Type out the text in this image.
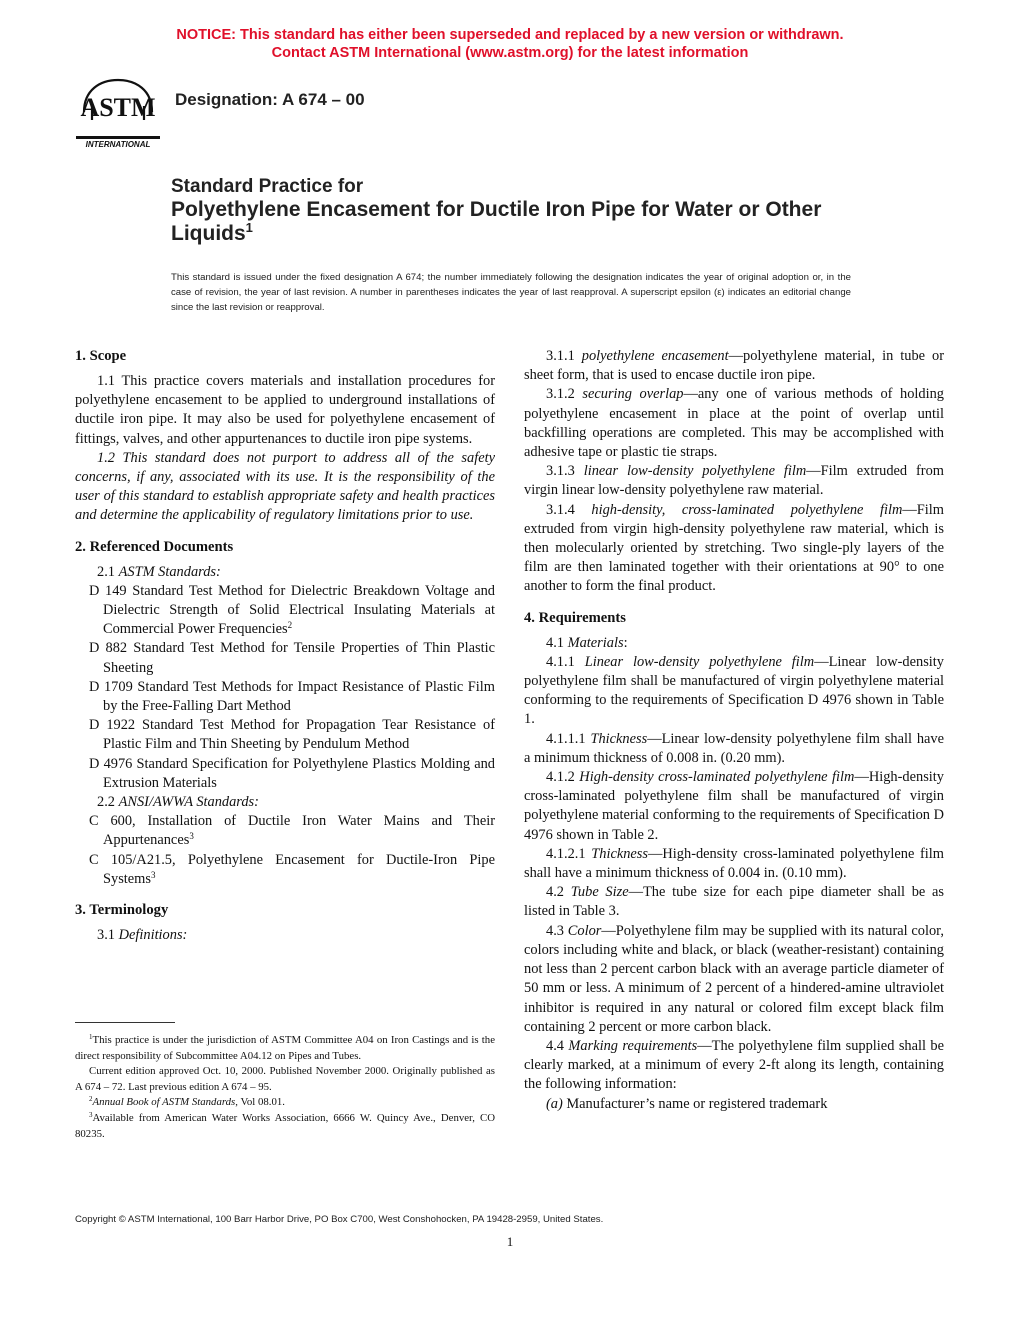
NOTICE: This standard has either been superseded and replaced by a new version or withdrawn.
Contact ASTM International (www.astm.org) for the latest information
ASTM
INTERNATIONAL
Designation: A 674 – 00
Standard Practice for
Polyethylene Encasement for Ductile Iron Pipe for Water or Other Liquids$^1$
This standard is issued under the fixed designation A 674; the number immediately following the designation indicates the year of original adoption or, in the case of revision, the year of last revision. A number in parentheses indicates the year of last reapproval. A superscript epsilon (ε) indicates an editorial change since the last revision or reapproval.
1. Scope

1.1 This practice covers materials and installation procedures for polyethylene encasement to be applied to underground installations of ductile iron pipe. It may also be used for polyethylene encasement of fittings, valves, and other appurtenances to ductile iron pipe systems.

1.2 This standard does not purport to address all of the safety concerns, if any, associated with its use. It is the responsibility of the user of this standard to establish appropriate safety and health practices and determine the applicability of regulatory limitations prior to use.

2. Referenced Documents

2.1 ASTM Standards:

D 149 Standard Test Method for Dielectric Breakdown Voltage and Dielectric Strength of Solid Electrical Insulating Materials at Commercial Power Frequencies$^2$

D 882 Standard Test Method for Tensile Properties of Thin Plastic Sheeting

D 1709 Standard Test Methods for Impact Resistance of Plastic Film by the Free-Falling Dart Method

D 1922 Standard Test Method for Propagation Tear Resistance of Plastic Film and Thin Sheeting by Pendulum Method

D 4976 Standard Specification for Polyethylene Plastics Molding and Extrusion Materials

2.2 ANSI/AWWA Standards:

C 600, Installation of Ductile Iron Water Mains and Their Appurtenances$^3$

C 105/A21.5, Polyethylene Encasement for Ductile-Iron Pipe Systems$^3$

3. Terminology

3.1 Definitions:

3.1.1 polyethylene encasement—polyethylene material, in tube or sheet form, that is used to encase ductile iron pipe.

3.1.2 securing overlap—any one of various methods of holding polyethylene encasement in place at the point of overlap until backfilling operations are completed. This may be accomplished with adhesive tape or plastic tie straps.

3.1.3 linear low-density polyethylene film—Film extruded from virgin linear low-density polyethylene raw material.

3.1.4 high-density, cross-laminated polyethylene film—Film extruded from virgin high-density polyethylene raw material, which is then molecularly oriented by stretching. Two single-ply layers of the film are then laminated together with their orientations at 90° to one another to form the final product.

4. Requirements

4.1 Materials:

4.1.1 Linear low-density polyethylene film—Linear low-density polyethylene film shall be manufactured of virgin polyethylene material conforming to the requirements of Specification D 4976 shown in Table 1.

4.1.1.1 Thickness—Linear low-density polyethylene film shall have a minimum thickness of 0.008 in. (0.20 mm).

4.1.2 High-density cross-laminated polyethylene film—High-density cross-laminated polyethylene film shall be manufactured of virgin polyethylene material conforming to the requirements of Specification D 4976 shown in Table 2.

4.1.2.1 Thickness—High-density cross-laminated polyethylene film shall have a minimum thickness of 0.004 in. (0.10 mm).

4.2 Tube Size—The tube size for each pipe diameter shall be as listed in Table 3.

4.3 Color—Polyethylene film may be supplied with its natural color, colors including white and black, or black (weather-resistant) containing not less than 2 percent carbon black with an average particle diameter of 50 mm or less. A minimum of 2 percent of a hindered-amine ultraviolet inhibitor is required in any natural or colored film except black film containing 2 percent or more carbon black.

4.4 Marking requirements—The polyethylene film supplied shall be clearly marked, at a minimum of every 2-ft along its length, containing the following information:

(a) Manufacturer’s name or registered trademark

$^1$This practice is under the jurisdiction of ASTM Committee A04 on Iron Castings and is the direct responsibility of Subcommittee A04.12 on Pipes and Tubes.

Current edition approved Oct. 10, 2000. Published November 2000. Originally published as A 674 – 72. Last previous edition A 674 – 95.

$^2$Annual Book of ASTM Standards, Vol 08.01.

$^3$Available from American Water Works Association, 6666 W. Quincy Ave., Denver, CO 80235.

Copyright © ASTM International, 100 Barr Harbor Drive, PO Box C700, West Conshohocken, PA 19428-2959, United States.
1
